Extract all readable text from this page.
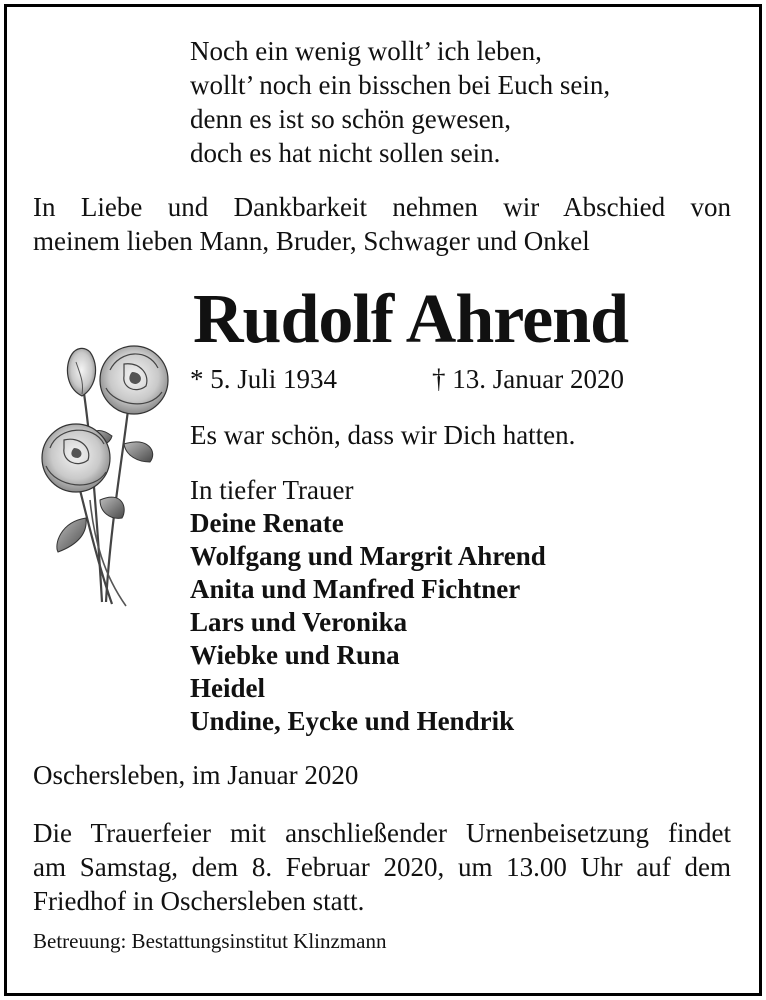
Noch ein wenig wollt’ ich leben,
wollt’ noch ein bisschen bei Euch sein,
denn es ist so schön gewesen,
doch es hat nicht sollen sein.
In Liebe und Dankbarkeit nehmen wir Abschied von
meinem lieben Mann, Bruder, Schwager und Onkel
Rudolf Ahrend
* 5. Juli 1934	† 13. Januar 2020
Es war schön, dass wir Dich hatten.
In tiefer Trauer
Deine Renate
Wolfgang und Margrit Ahrend
Anita und Manfred Fichtner
Lars und Veronika
Wiebke und Runa
Heidel
Undine, Eycke und Hendrik
Oschersleben, im Januar 2020
Die Trauerfeier mit anschließender Urnenbeisetzung findet
am Samstag, dem 8. Februar 2020, um 13.00 Uhr auf dem
Friedhof in Oschersleben statt.
Betreuung: Bestattungsinstitut Klinzmann
